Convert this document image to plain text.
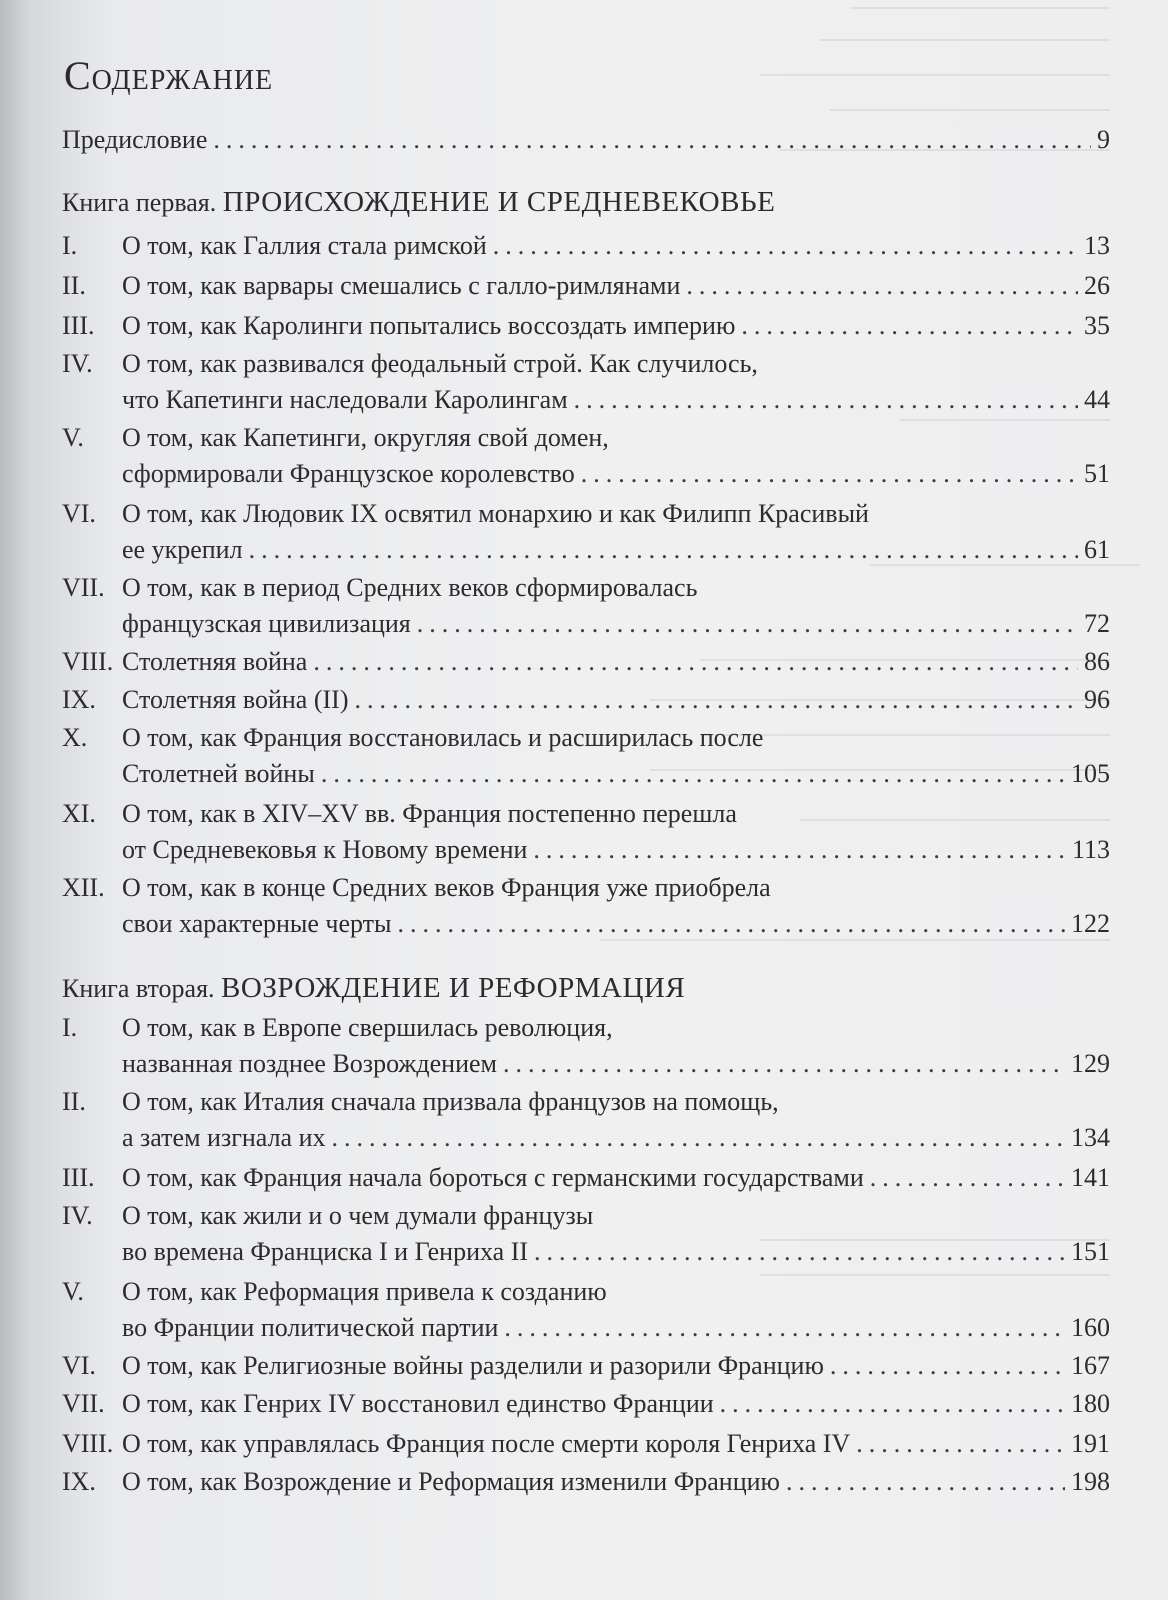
Содержание
Предисловие .....	9
Книга первая. ПРОИСХОЖДЕНИЕ И СРЕДНЕВЕКОВЬЕ
I.	О том, как Галлия стала римской .....	13
II.	О том, как варвары смешались с галло-римлянами .....	26
III.	О том, как Каролинги попытались воссоздать империю .....	35
IV.	О том, как развивался феодальный строй. Как случилось,
что Капетинги наследовали Каролингам .....	44
V.	О том, как Капетинги, округляя свой домен,
сформировали Французское королевство .....	51
VI.	О том, как Людовик IX освятил монархию и как Филипп Красивый
ее укрепил .....	61
VII. О том, как в период Средних веков сформировалась
французская цивилизация .....	72
VIII. Столетняя война .....	86
IX.	Столетняя война (II) .....	96
X.	О том, как Франция восстановилась и расширилась после
Столетней войны .....	105
XI.	О том, как в XIV–XV вв. Франция постепенно перешла
от Средневековья к Новому времени .....	113
XII. О том, как в конце Средних веков Франция уже приобрела
свои характерные черты .....	122
Книга вторая. ВОЗРОЖДЕНИЕ И РЕФОРМАЦИЯ
I.	О том, как в Европе свершилась революция,
названная позднее Возрождением .....	129
II.	О том, как Италия сначала призвала французов на помощь,
а затем изгнала их .....	134
III.	О том, как Франция начала бороться с германскими государствами .....	141
IV.	О том, как жили и о чем думали французы
во времена Франциска I и Генриха II .....	151
V.	О том, как Реформация привела к созданию
во Франции политической партии .....	160
VI.	О том, как Религиозные войны разделили и разорили Францию .....	167
VII. О том, как Генрих IV восстановил единство Франции .....	180
VIII. О том, как управлялась Франция после смерти короля Генриха IV .....	191
IX.	О том, как Возрождение и Реформация изменили Францию .....	198
